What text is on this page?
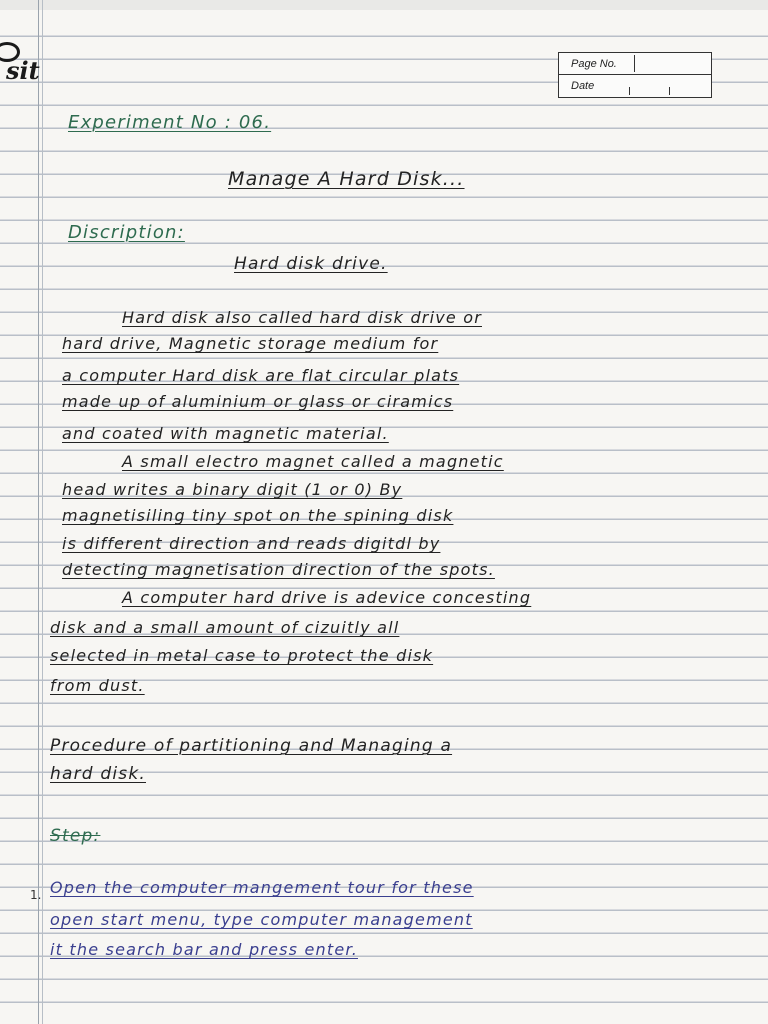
sit	Page No.
Date
Experiment No : 06.
Manage A Hard Disk...
Discription:
Hard disk drive.
Hard disk also called hard disk drive or
hard drive, Magnetic storage medium for
a computer Hard disk are flat circular plats
made up of aluminium or glass or ciramics
and coated with magnetic material.
A small electro magnet called a magnetic
head writes a binary digit (1 or 0) By
magnetisiling tiny spot on the spining disk
is different direction and reads digitdl by
detecting magnetisation direction of the spots.
A computer hard drive is adevice concesting
disk and a small amount of cizuitly all
selected in metal case to protect the disk
from dust.
Procedure of partitioning and Managing a
hard disk.
Step:
1. Open the computer mangement tour for these
open start menu, type computer management
it the search bar and press enter.
